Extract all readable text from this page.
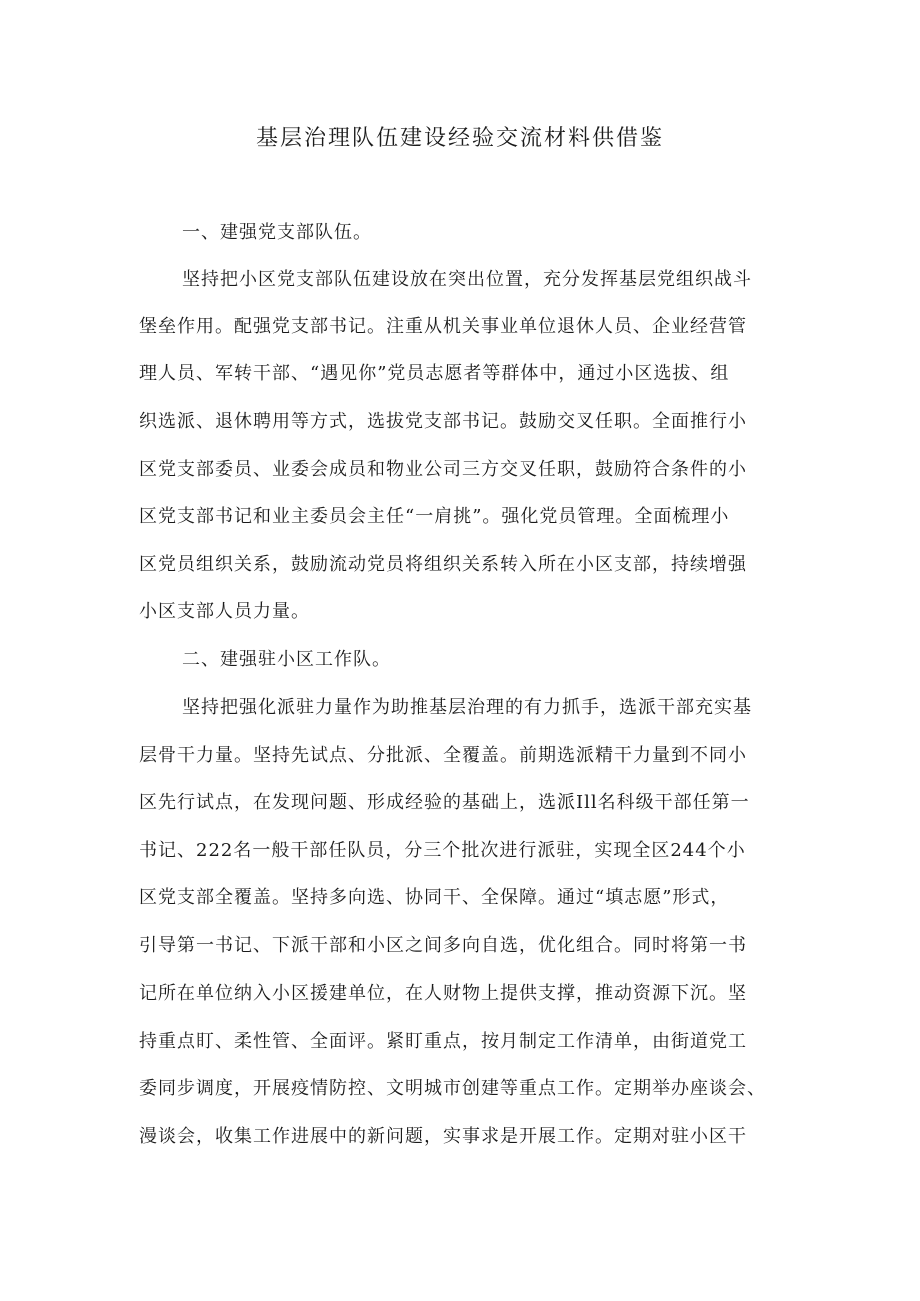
基层治理队伍建设经验交流材料供借鉴

一、建强党支部队伍。

坚持把小区党支部队伍建设放在突出位置，充分发挥基层党组织战斗

堡垒作用。配强党支部书记。注重从机关事业单位退休人员、企业经营管

理人员、军转干部、“遇见你”党员志愿者等群体中，通过小区选拔、组

织选派、退休聘用等方式，选拔党支部书记。鼓励交叉任职。全面推行小

区党支部委员、业委会成员和物业公司三方交叉任职，鼓励符合条件的小

区党支部书记和业主委员会主任“一肩挑”。强化党员管理。全面梳理小

区党员组织关系，鼓励流动党员将组织关系转入所在小区支部，持续增强

小区支部人员力量。

二、建强驻小区工作队。

坚持把强化派驻力量作为助推基层治理的有力抓手，选派干部充实基

层骨干力量。坚持先试点、分批派、全覆盖。前期选派精干力量到不同小

区先行试点，在发现问题、形成经验的基础上，选派Ill名科级干部任第一

书记、222名一般干部任队员，分三个批次进行派驻，实现全区244个小

区党支部全覆盖。坚持多向选、协同干、全保障。通过“填志愿”形式，

引导第一书记、下派干部和小区之间多向自选，优化组合。同时将第一书

记所在单位纳入小区援建单位，在人财物上提供支撑，推动资源下沉。坚

持重点盯、柔性管、全面评。紧盯重点，按月制定工作清单，由街道党工

委同步调度，开展疫情防控、文明城市创建等重点工作。定期举办座谈会、

漫谈会，收集工作进展中的新问题，实事求是开展工作。定期对驻小区干
